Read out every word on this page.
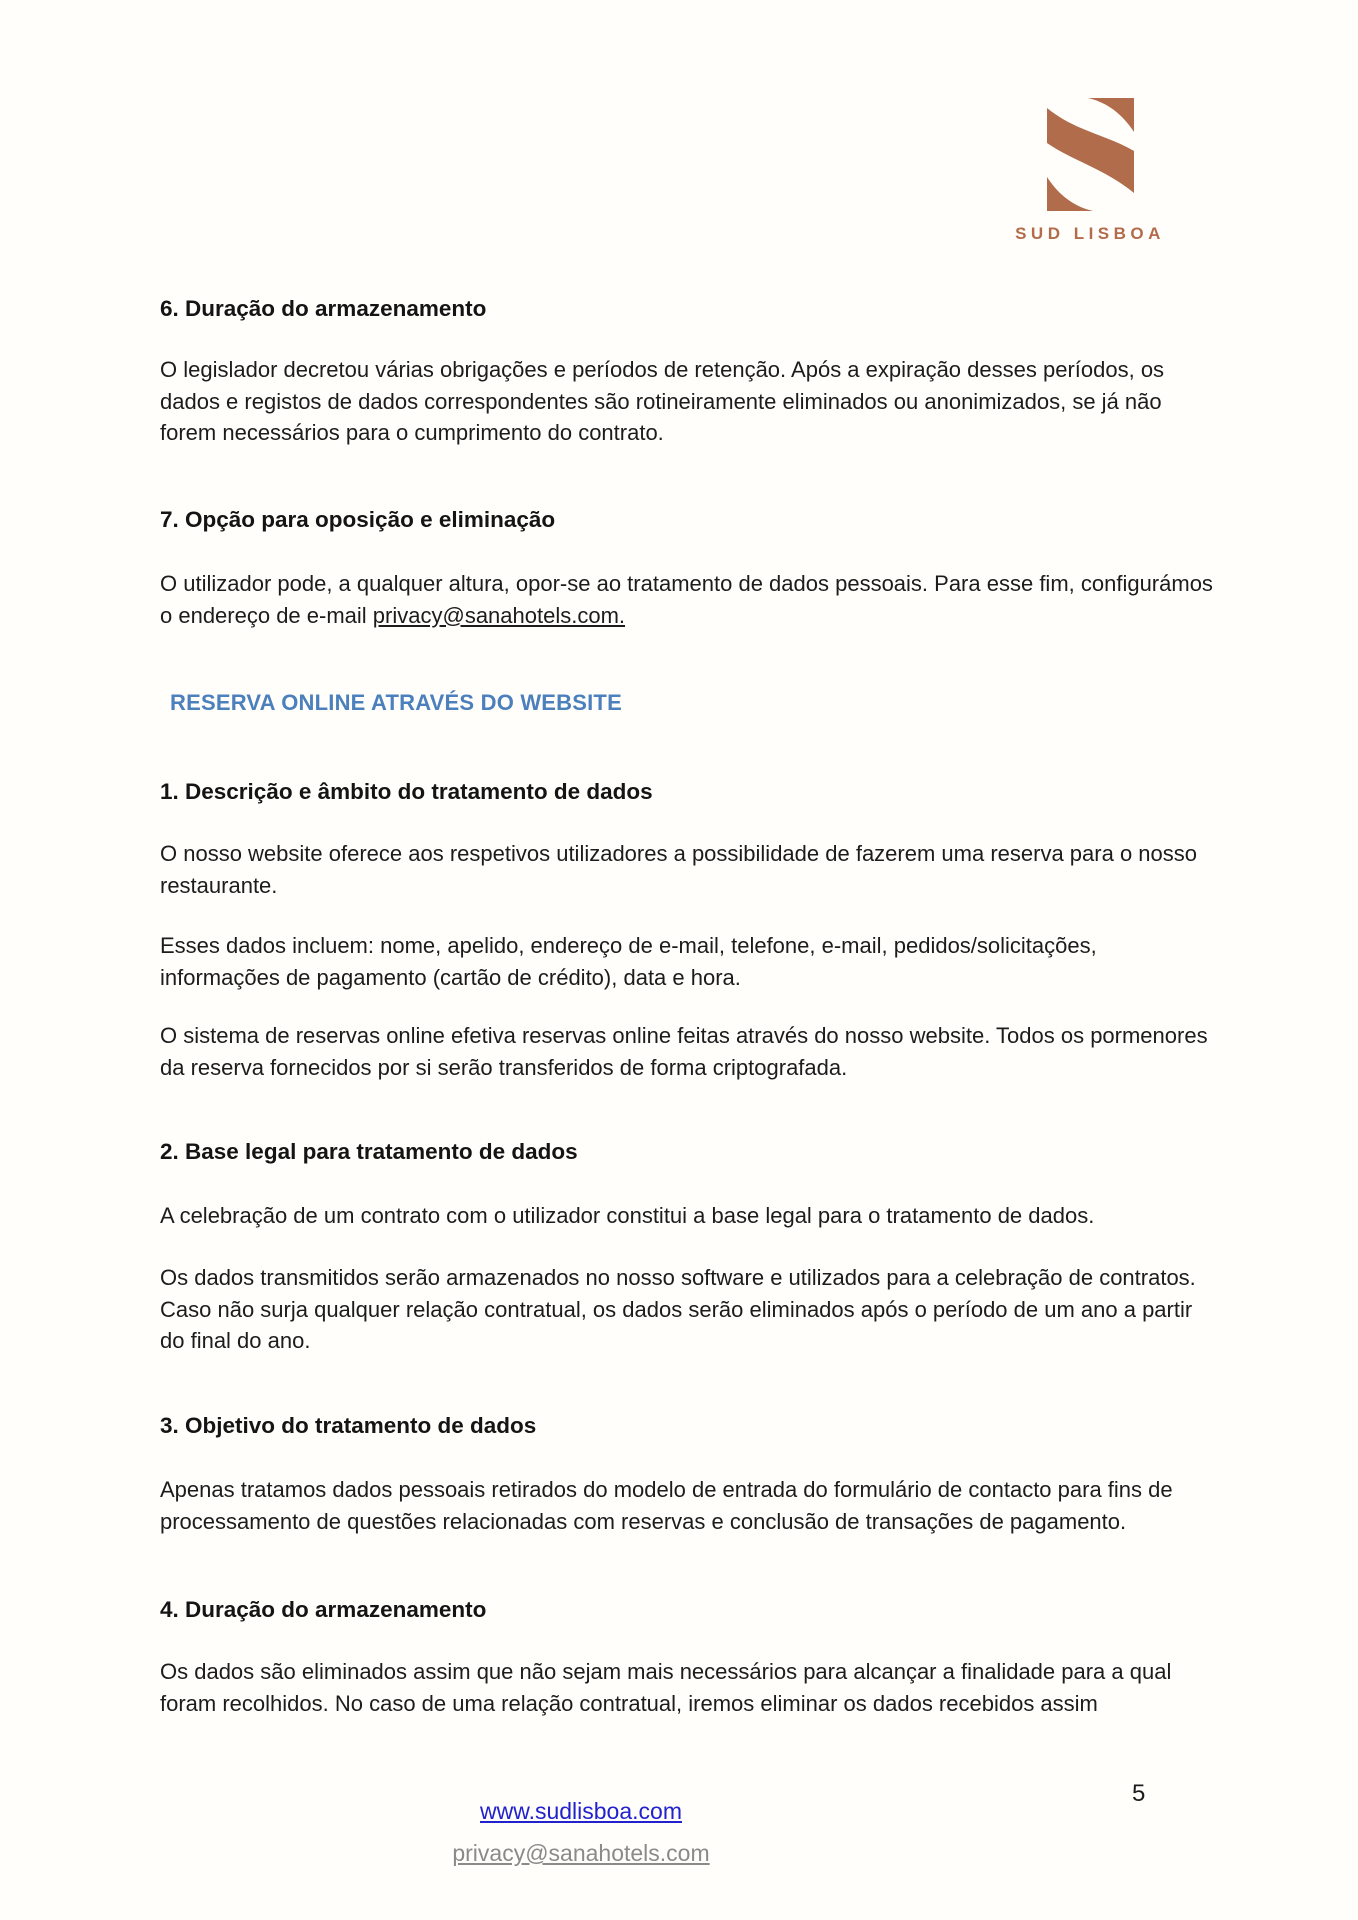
SUD LISBOA
6. Duração do armazenamento
O legislador decretou várias obrigações e períodos de retenção. Após a expiração desses períodos, os dados e registos de dados correspondentes são rotineiramente eliminados ou anonimizados, se já não forem necessários para o cumprimento do contrato.
7. Opção para oposição e eliminação
O utilizador pode, a qualquer altura, opor-se ao tratamento de dados pessoais. Para esse fim, configurámos o endereço de e-mail privacy@sanahotels.com.
RESERVA ONLINE ATRAVÉS DO WEBSITE
1. Descrição e âmbito do tratamento de dados
O nosso website oferece aos respetivos utilizadores a possibilidade de fazerem uma reserva para o nosso restaurante.
Esses dados incluem: nome, apelido, endereço de e-mail, telefone, e-mail, pedidos/solicitações, informações de pagamento (cartão de crédito), data e hora.
O sistema de reservas online efetiva reservas online feitas através do nosso website. Todos os pormenores da reserva fornecidos por si serão transferidos de forma criptografada.
2. Base legal para tratamento de dados
A celebração de um contrato com o utilizador constitui a base legal para o tratamento de dados.
Os dados transmitidos serão armazenados no nosso software e utilizados para a celebração de contratos. Caso não surja qualquer relação contratual, os dados serão eliminados após o período de um ano a partir do final do ano.
3. Objetivo do tratamento de dados
Apenas tratamos dados pessoais retirados do modelo de entrada do formulário de contacto para fins de processamento de questões relacionadas com reservas e conclusão de transações de pagamento.
4. Duração do armazenamento
Os dados são eliminados assim que não sejam mais necessários para alcançar a finalidade para a qual foram recolhidos. No caso de uma relação contratual, iremos eliminar os dados recebidos assim
5
www.sudlisboa.com
privacy@sanahotels.com
